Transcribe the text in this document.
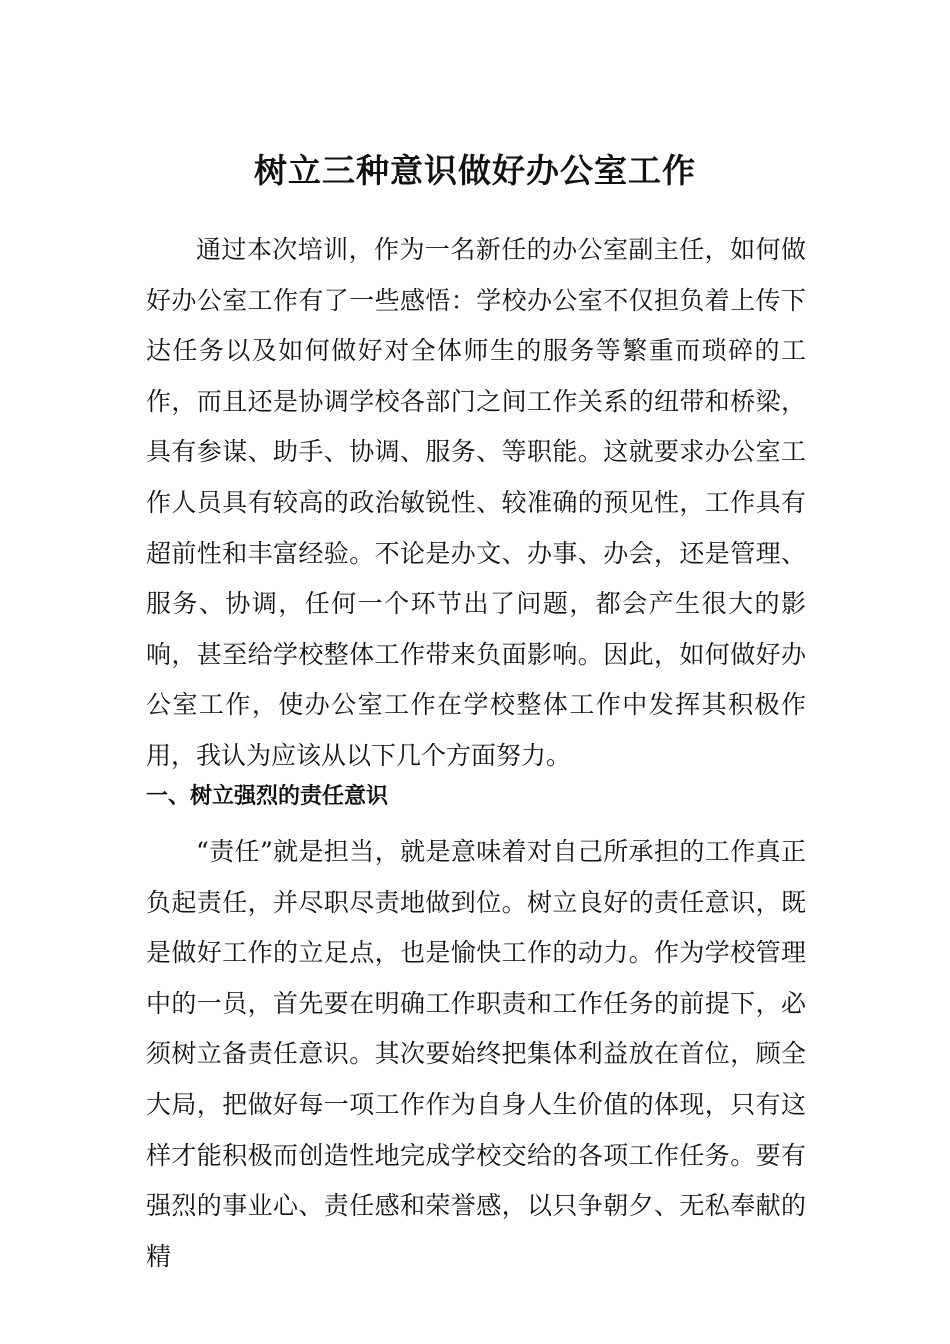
树立三种意识做好办公室工作

通过本次培训，作为一名新任的办公室副主任，如何做好办公室工作有了一些感悟：学校办公室不仅担负着上传下达任务以及如何做好对全体师生的服务等繁重而琐碎的工作，而且还是协调学校各部门之间工作关系的纽带和桥梁，具有参谋、助手、协调、服务、等职能。这就要求办公室工作人员具有较高的政治敏锐性、较准确的预见性，工作具有超前性和丰富经验。不论是办文、办事、办会，还是管理、服务、协调，任何一个环节出了问题，都会产生很大的影响，甚至给学校整体工作带来负面影响。因此，如何做好办公室工作，使办公室工作在学校整体工作中发挥其积极作用，我认为应该从以下几个方面努力。

一、树立强烈的责任意识

“责任”就是担当，就是意味着对自己所承担的工作真正负起责任，并尽职尽责地做到位。树立良好的责任意识，既是做好工作的立足点，也是愉快工作的动力。作为学校管理中的一员，首先要在明确工作职责和工作任务的前提下，必须树立备责任意识。其次要始终把集体利益放在首位，顾全大局，把做好每一项工作作为自身人生价值的体现，只有这样才能积极而创造性地完成学校交给的各项工作任务。要有强烈的事业心、责任感和荣誉感，以只争朝夕、无私奉献的精
